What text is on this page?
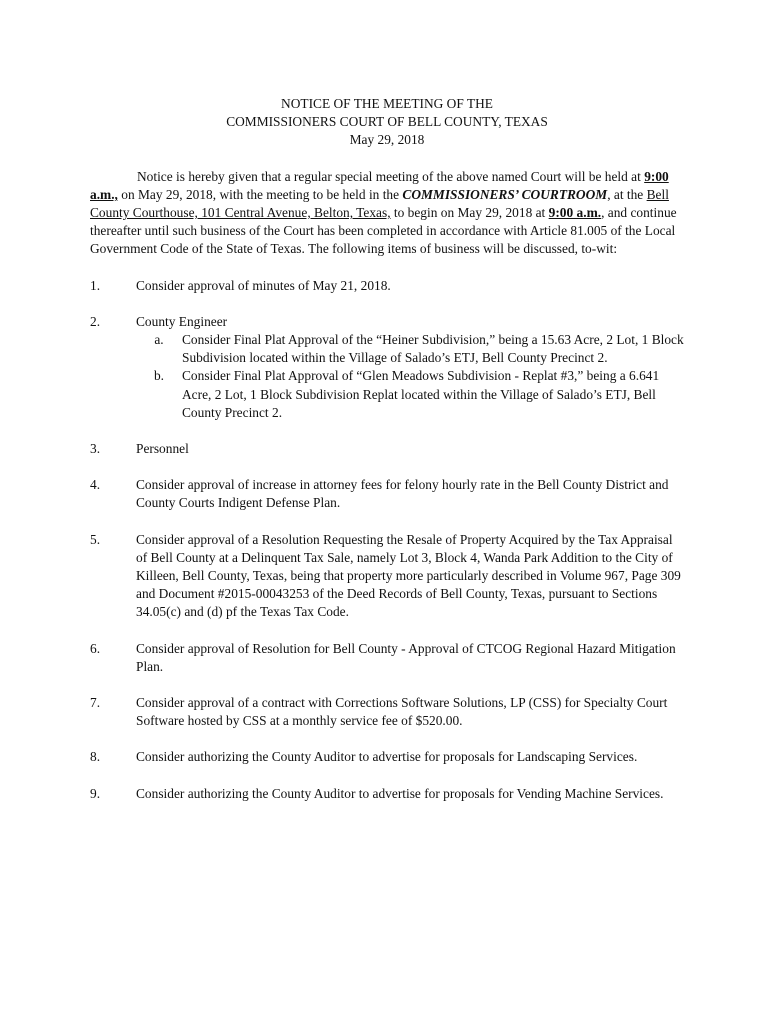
NOTICE OF THE MEETING OF THE
COMMISSIONERS COURT OF BELL COUNTY, TEXAS
May 29, 2018
Notice is hereby given that a regular special meeting of the above named Court will be held at 9:00 a.m., on May 29, 2018, with the meeting to be held in the COMMISSIONERS’ COURTROOM, at the Bell County Courthouse, 101 Central Avenue, Belton, Texas, to begin on May 29, 2018 at 9:00 a.m., and continue thereafter until such business of the Court has been completed in accordance with Article 81.005 of the Local Government Code of the State of Texas. The following items of business will be discussed, to-wit:
1.	Consider approval of minutes of May 21, 2018.
2.	County Engineer
a.	Consider Final Plat Approval of the “Heiner Subdivision,” being a 15.63 Acre, 2 Lot, 1 Block Subdivision located within the Village of Salado’s ETJ, Bell County Precinct 2.
b.	Consider Final Plat Approval of “Glen Meadows Subdivision - Replat #3,” being a 6.641 Acre, 2 Lot, 1 Block Subdivision Replat located within the Village of Salado’s ETJ, Bell County Precinct 2.
3.	Personnel
4.	Consider approval of increase in attorney fees for felony hourly rate in the Bell County District and County Courts Indigent Defense Plan.
5.	Consider approval of a Resolution Requesting the Resale of Property Acquired by the Tax Appraisal of Bell County at a Delinquent Tax Sale, namely Lot 3, Block 4, Wanda Park Addition to the City of Killeen, Bell County, Texas, being that property more particularly described in Volume 967, Page 309 and Document #2015-00043253 of the Deed Records of Bell County, Texas, pursuant to Sections 34.05(c) and (d) pf the Texas Tax Code.
6.	Consider approval of Resolution for Bell County - Approval of CTCOG Regional Hazard Mitigation Plan.
7.	Consider approval of a contract with Corrections Software Solutions, LP (CSS) for Specialty Court Software hosted by CSS at a monthly service fee of $520.00.
8.	Consider authorizing the County Auditor to advertise for proposals for Landscaping Services.
9.	Consider authorizing the County Auditor to advertise for proposals for Vending Machine Services.
